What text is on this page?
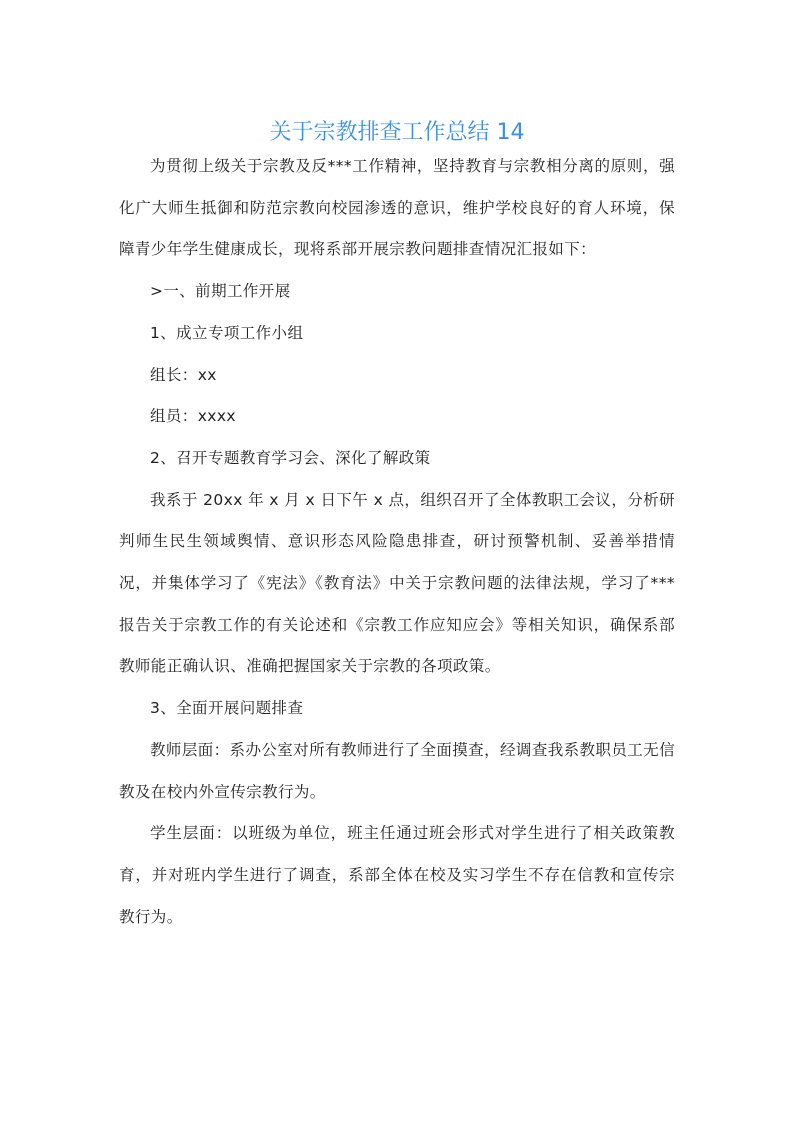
关于宗教排查工作总结 14

为贯彻上级关于宗教及反***工作精神，坚持教育与宗教相分离的原则，强化广大师生抵御和防范宗教向校园渗透的意识，维护学校良好的育人环境，保障青少年学生健康成长，现将系部开展宗教问题排查情况汇报如下：

>一、前期工作开展

1、成立专项工作小组

组长：xx

组员：xxxx

2、召开专题教育学习会、深化了解政策

我系于 20xx 年 x 月 x 日下午 x 点，组织召开了全体教职工会议，分析研判师生民生领域舆情、意识形态风险隐患排查，研讨预警机制、妥善举措情况，并集体学习了《宪法》《教育法》中关于宗教问题的法律法规，学习了***报告关于宗教工作的有关论述和《宗教工作应知应会》等相关知识，确保系部教师能正确认识、准确把握国家关于宗教的各项政策。

3、全面开展问题排查

教师层面：系办公室对所有教师进行了全面摸查，经调查我系教职员工无信教及在校内外宣传宗教行为。

学生层面：以班级为单位，班主任通过班会形式对学生进行了相关政策教育，并对班内学生进行了调查，系部全体在校及实习学生不存在信教和宣传宗教行为。
